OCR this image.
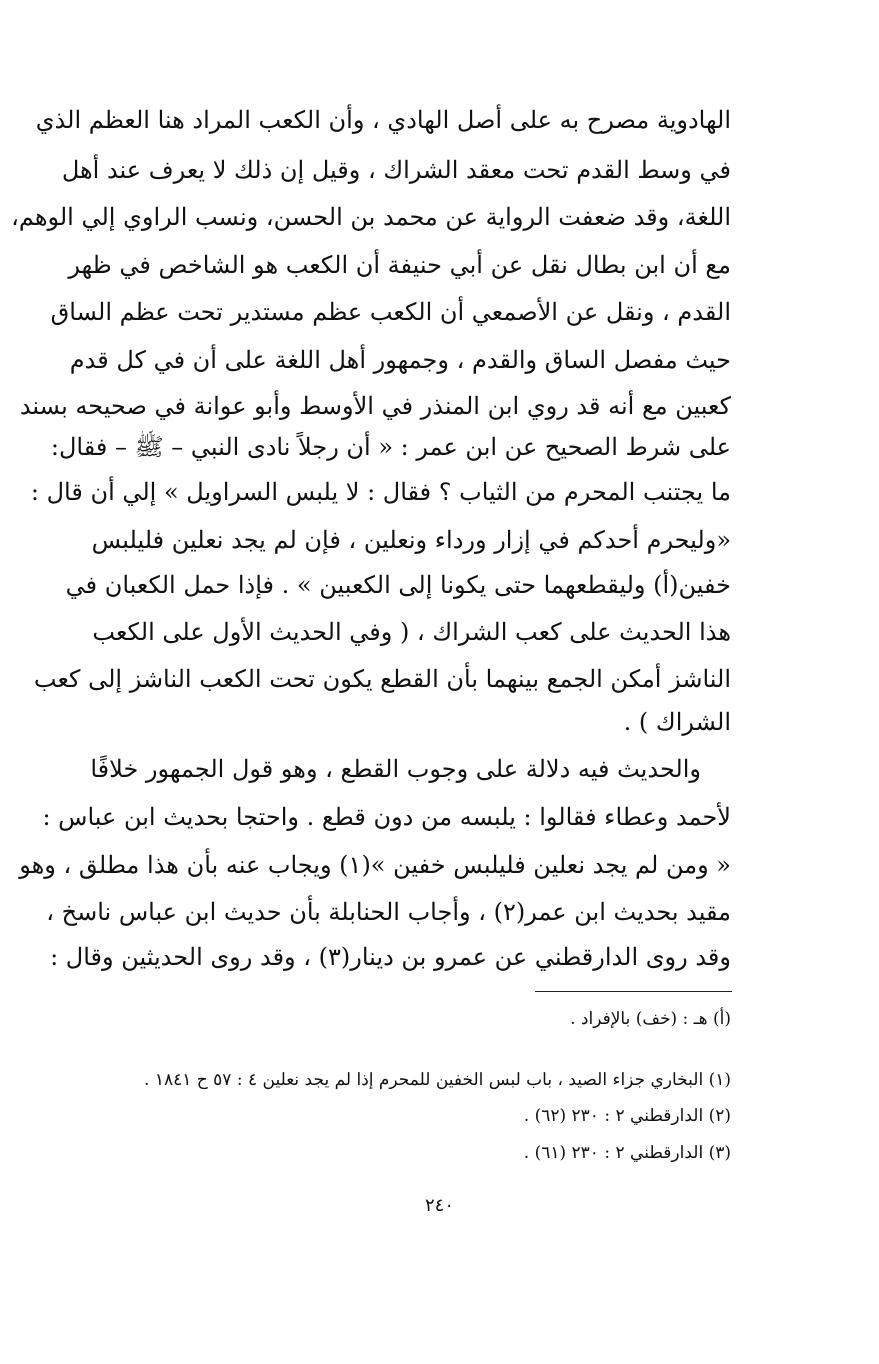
الهادوية مصرح به على أصل الهادي ، وأن الكعب المراد هنا العظم الذي
في وسط القدم تحت معقد الشراك ، وقيل إن ذلك لا يعرف عند أهل
اللغة، وقد ضعفت الرواية عن محمد بن الحسن، ونسب الراوي إلي الوهم،
مع أن ابن بطال نقل عن أبي حنيفة أن الكعب هو الشاخص في ظهر
القدم ، ونقل عن الأصمعي أن الكعب عظم مستدير تحت عظم الساق
حيث مفصل الساق والقدم ، وجمهور أهل اللغة على أن في كل قدم
كعبين مع أنه قد روي ابن المنذر في الأوسط وأبو عوانة في صحيحه بسند
على شرط الصحيح عن ابن عمر : « أن رجلاً نادى النبي – ﷺ – فقال:
ما يجتنب المحرم من الثياب ؟ فقال : لا يلبس السراويل » إلي أن قال :
«وليحرم أحدكم في إزار ورداء ونعلين ، فإن لم يجد نعلين فليلبس
خفين(أ) وليقطعهما حتى يكونا إلى الكعبين » . فإذا حمل الكعبان في
هذا الحديث على كعب الشراك ، ( وفي الحديث الأول على الكعب
الناشز أمكن الجمع بينهما بأن القطع يكون تحت الكعب الناشز إلى كعب
الشراك ) .
والحديث فيه دلالة على وجوب القطع ، وهو قول الجمهور خلافًا
لأحمد وعطاء فقالوا : يلبسه من دون قطع . واحتجا بحديث ابن عباس :
« ومن لم يجد نعلين فليلبس خفين »(١) ويجاب عنه بأن هذا مطلق ، وهو
مقيد بحديث ابن عمر(٢) ، وأجاب الحنابلة بأن حديث ابن عباس ناسخ ،
وقد روى الدارقطني عن عمرو بن دينار(٣) ، وقد روى الحديثين وقال :
(أ) هـ : (خف) بالإفراد .
(١) البخاري جزاء الصيد ، باب لبس الخفين للمحرم إذا لم يجد نعلين ٤ : ٥٧ ح ١٨٤١ .
(٢) الدارقطني ٢ : ٢٣٠ (٦٢) .
(٣) الدارقطني ٢ : ٢٣٠ (٦١) .
٢٤٠
